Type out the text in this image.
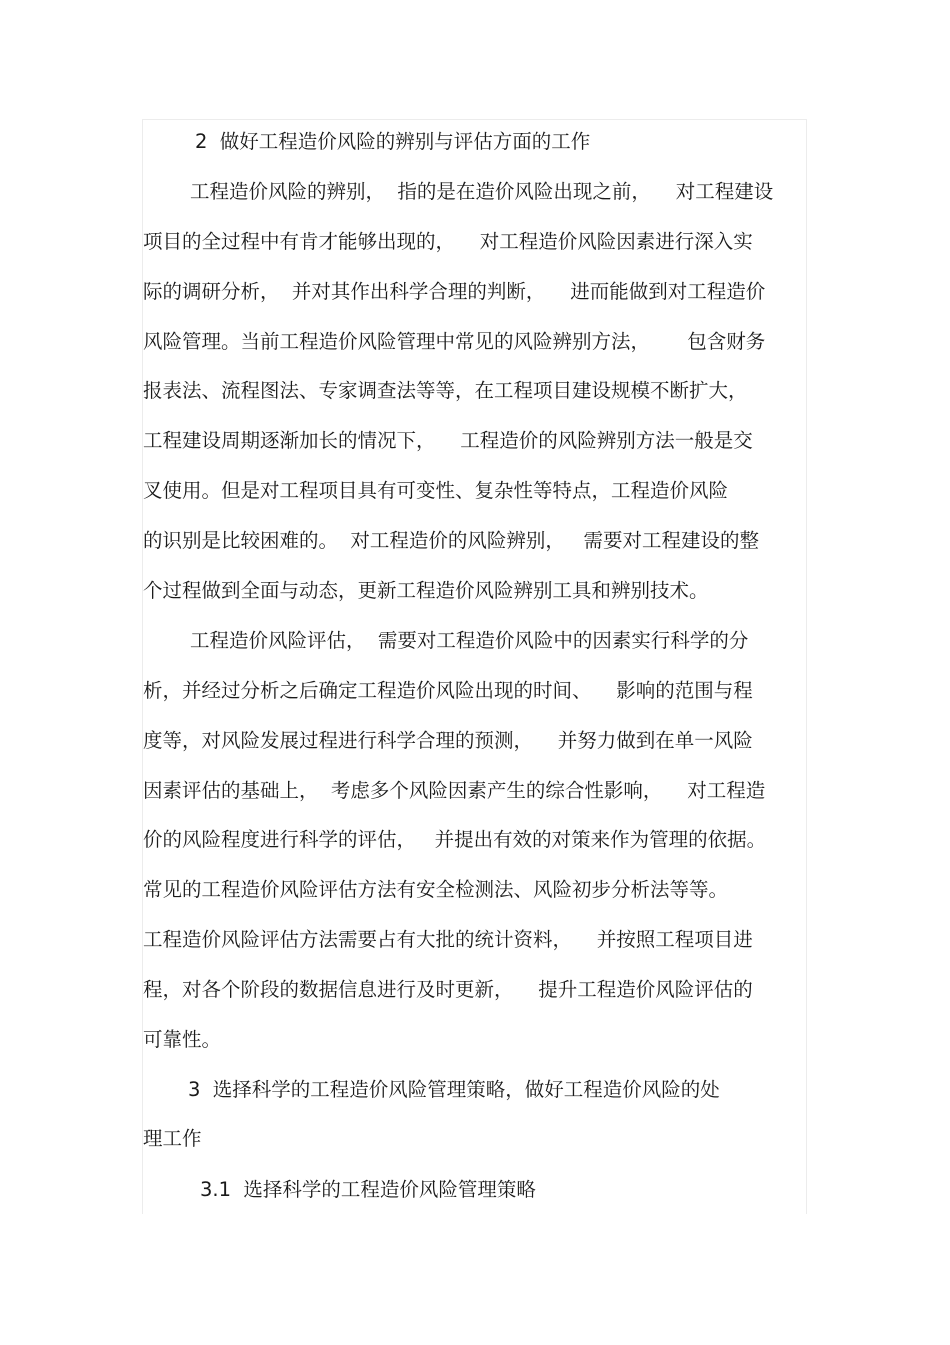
2  做好工程造价风险的辨别与评估方面的工作
工程造价风险的辨别，  指的是在造价风险出现之前，    对工程建设
项目的全过程中有肯才能够出现的，    对工程造价风险因素进行深入实
际的调研分析，  并对其作出科学合理的判断，    进而能做到对工程造价
风险管理。当前工程造价风险管理中常见的风险辨别方法，      包含财务
报表法、流程图法、专家调查法等等，在工程项目建设规模不断扩大，
工程建设周期逐渐加长的情况下，    工程造价的风险辨别方法一般是交
叉使用。但是对工程项目具有可变性、复杂性等特点，工程造价风险
的识别是比较困难的。  对工程造价的风险辨别，   需要对工程建设的整
个过程做到全面与动态，更新工程造价风险辨别工具和辨别技术。
工程造价风险评估，  需要对工程造价风险中的因素实行科学的分
析，并经过分析之后确定工程造价风险出现的时间、    影响的范围与程
度等，对风险发展过程进行科学合理的预测，    并努力做到在单一风险
因素评估的基础上，  考虑多个风险因素产生的综合性影响，    对工程造
价的风险程度进行科学的评估，   并提出有效的对策来作为管理的依据。
常见的工程造价风险评估方法有安全检测法、风险初步分析法等等。
工程造价风险评估方法需要占有大批的统计资料，    并按照工程项目进
程，对各个阶段的数据信息进行及时更新，    提升工程造价风险评估的
可靠性。
3  选择科学的工程造价风险管理策略，做好工程造价风险的处
理工作
3.1  选择科学的工程造价风险管理策略
